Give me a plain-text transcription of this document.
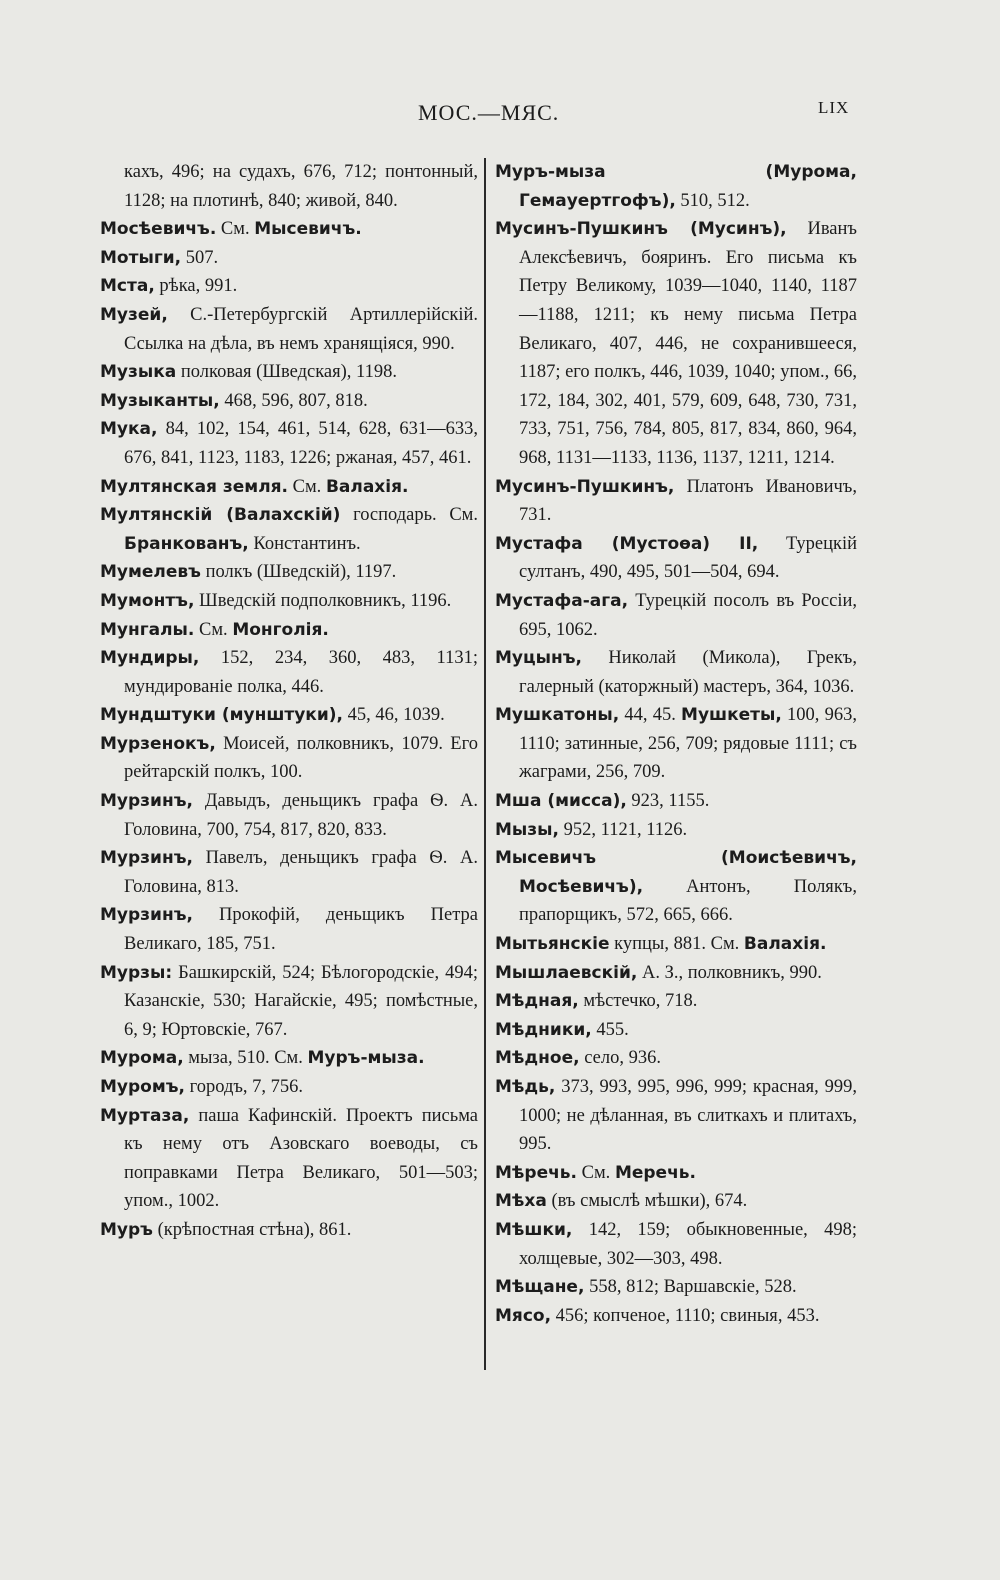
МОС.—МЯС.	LIX

кахъ, 496; на судахъ, 676, 712; понтонный, 1128; на плотинѣ, 840; живой, 840.

Мосѣевичъ. См. Мысевичъ.

Мотыги, 507.

Мста, рѣка, 991.

Музей, С.-Петербургскій Артиллерійскій. Ссылка на дѣла, въ немъ хранящіяся, 990.

Музыка полковая (Шведская), 1198.

Музыканты, 468, 596, 807, 818.

Мука, 84, 102, 154, 461, 514, 628, 631—633, 676, 841, 1123, 1183, 1226; ржаная, 457, 461.

Мултянская земля. См. Валахія.

Мултянскій (Валахскій) господарь. См. Бранкованъ, Константинъ.

Мумелевъ полкъ (Шведскій), 1197.

Мумонтъ, Шведскій подполковникъ, 1196.

Мунгалы. См. Монголія.

Мундиры, 152, 234, 360, 483, 1131; мундированіе полка, 446.

Мундштуки (мунштуки), 45, 46, 1039.

Мурзенокъ, Моисей, полковникъ, 1079. Его рейтарскій полкъ, 100.

Мурзинъ, Давыдъ, деньщикъ графа Ѳ. А. Головина, 700, 754, 817, 820, 833.

Мурзинъ, Павелъ, деньщикъ графа Ѳ. А. Головина, 813.

Мурзинъ, Прокофій, деньщикъ Петра Великаго, 185, 751.

Мурзы: Башкирскій, 524; Бѣлогородскіе, 494; Казанскіе, 530; Нагайскіе, 495; помѣстные, 6, 9; Юртовскіе, 767.

Мурома, мыза, 510. См. Муръ-мыза.

Муромъ, городъ, 7, 756.

Муртаза, паша Кафинскій. Проектъ письма къ нему отъ Азовскаго воеводы, съ поправками Петра Великаго, 501—503; упом., 1002.

Муръ (крѣпостная стѣна), 861.

Муръ-мыза (Мурома, Гемауертгофъ), 510, 512.

Мусинъ-Пушкинъ (Мусинъ), Иванъ Алексѣевичъ, бояринъ. Его письма къ Петру Великому, 1039—1040, 1140, 1187—1188, 1211; къ нему письма Петра Великаго, 407, 446, не сохранившееся, 1187; его полкъ, 446, 1039, 1040; упом., 66, 172, 184, 302, 401, 579, 609, 648, 730, 731, 733, 751, 756, 784, 805, 817, 834, 860, 964, 968, 1131—1133, 1136, 1137, 1211, 1214.

Мусинъ-Пушкинъ, Платонъ Ивановичъ, 731.

Мустафа (Мустоѳа) II, Турецкій султанъ, 490, 495, 501—504, 694.

Мустафа-ага, Турецкій посолъ въ Россіи, 695, 1062.

Муцынъ, Николай (Микола), Грекъ, галерный (каторжный) мастеръ, 364, 1036.

Мушкатоны, 44, 45. Мушкеты, 100, 963, 1110; затинные, 256, 709; рядовые 1111; съ жаграми, 256, 709.

Мша (мисса), 923, 1155.

Мызы, 952, 1121, 1126.

Мысевичъ (Моисѣевичъ, Мосѣевичъ), Антонъ, Полякъ, прапорщикъ, 572, 665, 666.

Мытьянскіе купцы, 881. См. Валахія.

Мышлаевскій, А. З., полковникъ, 990.

Мѣдная, мѣстечко, 718.

Мѣдники, 455.

Мѣдное, село, 936.

Мѣдь, 373, 993, 995, 996, 999; красная, 999, 1000; не дѣланная, въ слиткахъ и плитахъ, 995.

Мѣречь. См. Меречь.

Мѣха (въ смыслѣ мѣшки), 674.

Мѣшки, 142, 159; обыкновенные, 498; холщевые, 302—303, 498.

Мѣщане, 558, 812; Варшавскіе, 528.

Мясо, 456; копченое, 1110; свиныя, 453.
